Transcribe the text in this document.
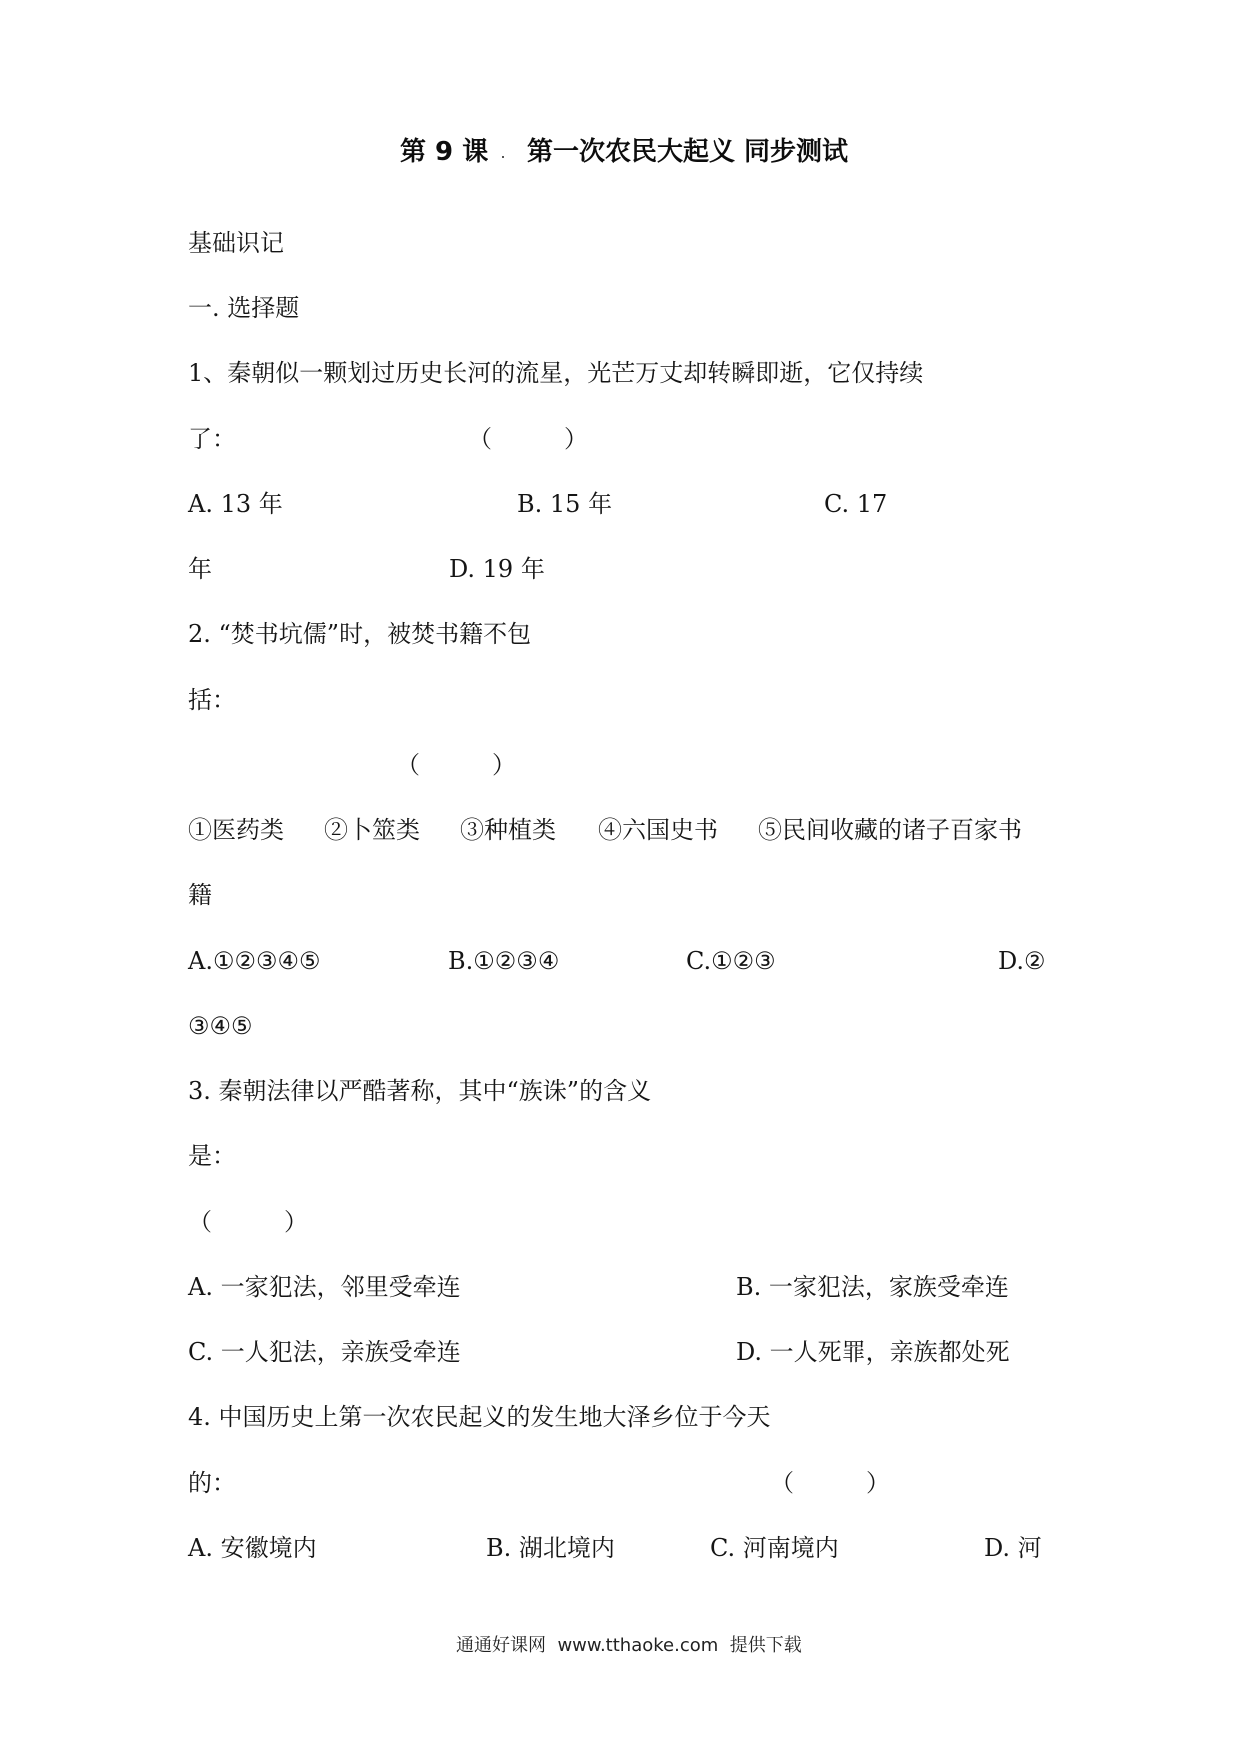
第 9 课 第一次农民大起义 同步测试
基础识记
一. 选择题
1、秦朝似一颗划过历史长河的流星，光芒万丈却转瞬即逝，它仅持续
了：	（　　　）
A. 13 年	B. 15 年	C. 17
年	D. 19 年
2. “焚书坑儒”时，被焚书籍不包
括：
（　　　）
①医药类 ②卜筮类 ③种植类 ④六国史书 ⑤民间收藏的诸子百家书
籍
A.①②③④⑤	B.①②③④	C.①②③	D.②
③④⑤
3. 秦朝法律以严酷著称，其中“族诛”的含义
是：
（　　　）
A. 一家犯法，邻里受牵连	B. 一家犯法，家族受牵连
C. 一人犯法，亲族受牵连	D. 一人死罪，亲族都处死
4. 中国历史上第一次农民起义的发生地大泽乡位于今天
的：	（　　　）
A. 安徽境内	B. 湖北境内	C. 河南境内	D. 河
通通好课网  www.tthaoke.com  提供下载
